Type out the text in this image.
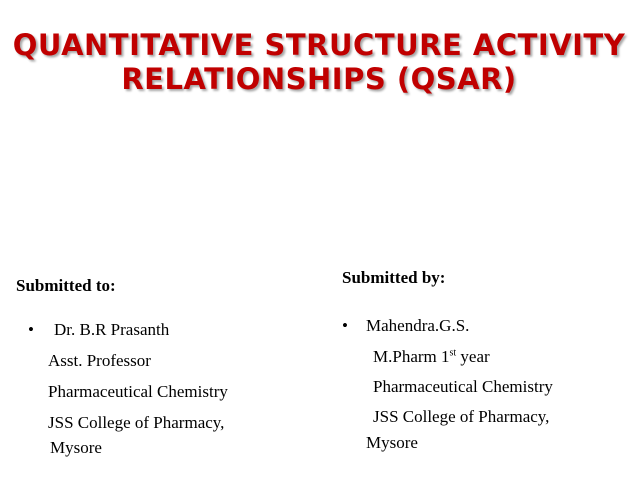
QUANTITATIVE STRUCTURE ACTIVITY
RELATIONSHIPS (QSAR)
Submitted to:
• Dr. B.R Prasanth
Asst. Professor
Pharmaceutical Chemistry
JSS College of Pharmacy,
Mysore
Submitted by:
• Mahendra.G.S.
M.Pharm 1st year
Pharmaceutical Chemistry
JSS College of Pharmacy,
Mysore
